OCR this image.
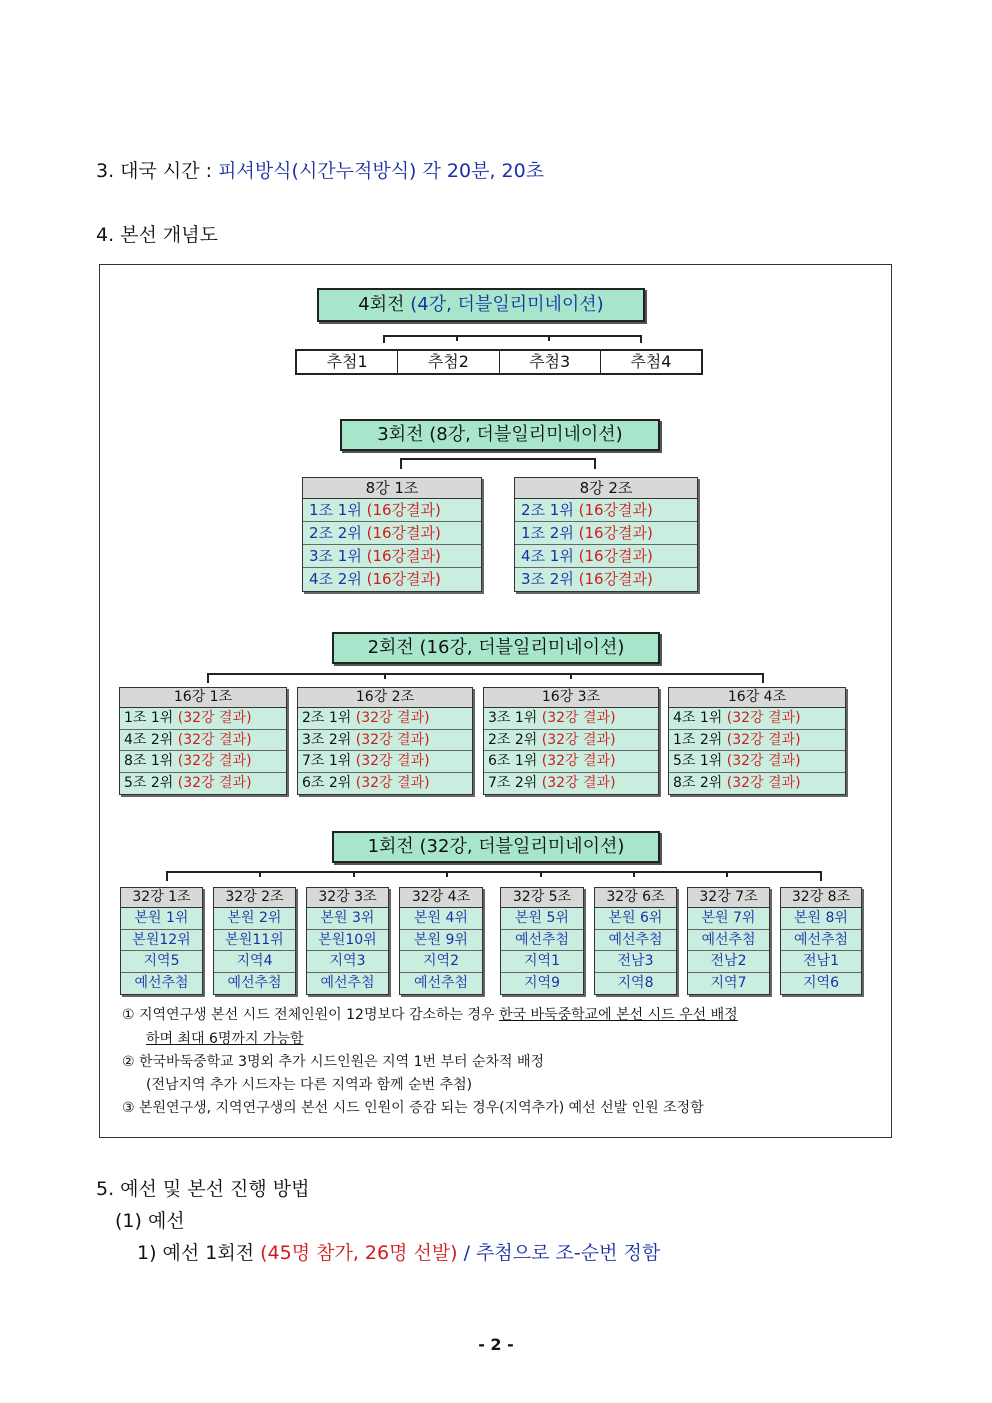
3. 대국 시간 : 피셔방식(시간누적방식) 각 20분, 20초
4. 본선 개념도
4회전 (4강, 더블일리미네이션)
추첨1	추첨2	추첨3	추첨4
3회전 (8강, 더블일리미네이션)
8강 1조
1조 1위 (16강결과)
2조 2위 (16강결과)
3조 1위 (16강결과)
4조 2위 (16강결과)
8강 2조
2조 1위 (16강결과)
1조 2위 (16강결과)
4조 1위 (16강결과)
3조 2위 (16강결과)
2회전 (16강, 더블일리미네이션)
16강 1조
1조 1위 (32강 결과)
4조 2위 (32강 결과)
8조 1위 (32강 결과)
5조 2위 (32강 결과)
16강 2조
2조 1위 (32강 결과)
3조 2위 (32강 결과)
7조 1위 (32강 결과)
6조 2위 (32강 결과)
16강 3조
3조 1위 (32강 결과)
2조 2위 (32강 결과)
6조 1위 (32강 결과)
7조 2위 (32강 결과)
16강 4조
4조 1위 (32강 결과)
1조 2위 (32강 결과)
5조 1위 (32강 결과)
8조 2위 (32강 결과)
1회전 (32강, 더블일리미네이션)
32강 1조
본원 1위
본원12위
지역5
예선추첨
32강 2조
본원 2위
본원11위
지역4
예선추첨
32강 3조
본원 3위
본원10위
지역3
예선추첨
32강 4조
본원 4위
본원 9위
지역2
예선추첨
32강 5조
본원 5위
예선추첨
지역1
지역9
32강 6조
본원 6위
예선추첨
전남3
지역8
32강 7조
본원 7위
예선추첨
전남2
지역7
32강 8조
본원 8위
예선추첨
전남1
지역6
① 지역연구생 본선 시드 전체인원이 12명보다 감소하는 경우 한국 바둑중학교에 본선 시드 우선 배정
하며 최대 6명까지 가능함
② 한국바둑중학교 3명외 추가 시드인원은 지역 1번 부터 순차적 배정
(전남지역 추가 시드자는 다른 지역과 함께 순번 추첨)
③ 본원연구생, 지역연구생의 본선 시드 인원이 증감 되는 경우(지역추가) 예선 선발 인원 조정함
5. 예선 및 본선 진행 방법
(1) 예선
1) 예선 1회전 (45명 참가, 26명 선발) / 추첨으로 조-순번 정함
- 2 -
